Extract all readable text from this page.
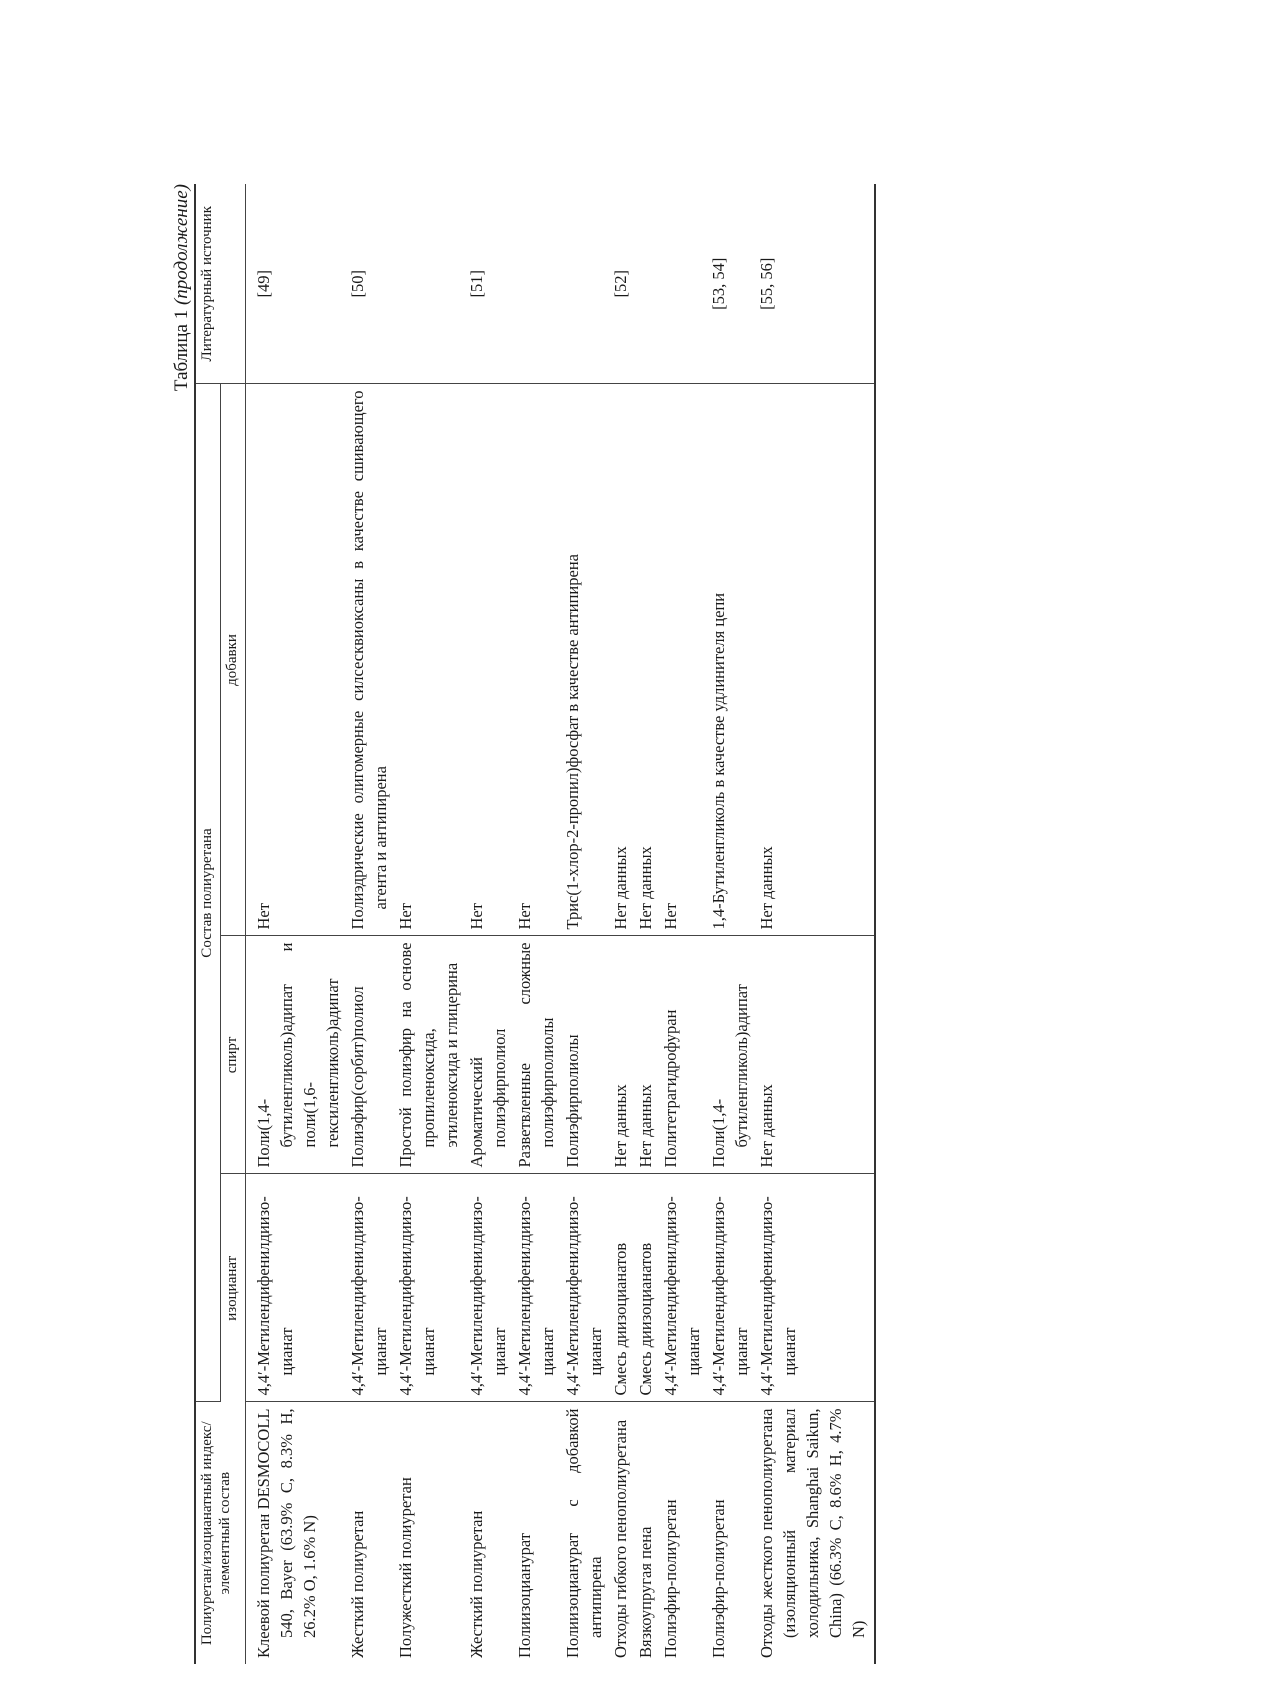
Таблица 1 (продолжение)
Полиуретан/изоцианатный индекс/ элементный состав	Состав полиуретана			Литературный источник
	изоцианат	спирт	добавки	
Клеевой полиуретан DESMOCOLL 540, Bayer (63.9% C, 8.3% H, 26.2% O, 1.6% N)	4,4′-Метилендифенилдиизо-цианат	Поли(1,4-бутиленгликоль)адипат и поли(1,6-гексиленгликоль)адипат	Нет	[49]
Жесткий полиуретан	4,4′-Метилендифенилдиизо-цианат	Полиэфир(сорбит)полиол	Полиэдрические олигомерные силсесквиоксаны в качестве сшивающего агента и антипирена	[50]
Полужесткий полиуретан	4,4′-Метилендифенилдиизо-цианат	Простой полиэфир на основе пропиленоксида, этиленоксида и глицерина	Нет	
Жесткий полиуретан	4,4′-Метилендифенилдиизо-цианат	Ароматический полиэфирполиол	Нет	[51]
Полиизоцианурат	4,4′-Метилендифенилдиизо-цианат	Разветвленные сложные полиэфирполиолы	Нет	
Полиизоцианурат с добавкой антипирена	4,4′-Метилендифенилдиизо-цианат	Полиэфирполиолы	Трис(1-хлор-2-пропил)фосфат в качестве антипирена	
Отходы гибкого пенополиуретана	Смесь диизоцианатов	Нет данных	Нет данных	[52]
Вязкоупругая пена	Смесь диизоцианатов	Нет данных	Нет данных	
Полиэфир-полиуретан	4,4′-Метилендифенилдиизо-цианат	Политетрагидрофуран	Нет	
Полиэфир-полиуретан	4,4′-Метилендифенилдиизо-цианат	Поли(1,4-бутиленгликоль)адипат	1,4-Бутиленгликоль в качестве удлинителя цепи	[53, 54]
Отходы жесткого пенополиуретана (изоляционный материал холодильника, Shanghai Saikun, China) (66.3% C, 8.6% H, 4.7% N)	4,4′-Метилендифенилдиизо-цианат	Нет данных	Нет данных	[55, 56]
